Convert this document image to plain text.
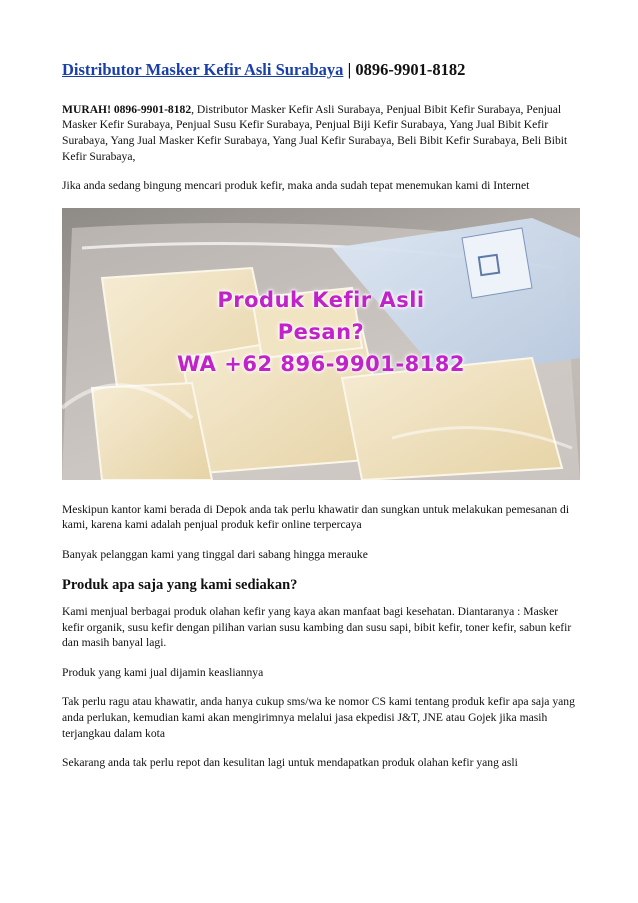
Distributor Masker Kefir Asli Surabaya | 0896-9901-8182

MURAH! 0896-9901-8182, Distributor Masker Kefir Asli Surabaya, Penjual Bibit Kefir Surabaya, Penjual Masker Kefir Surabaya, Penjual Susu Kefir Surabaya, Penjual Biji Kefir Surabaya, Yang Jual Bibit Kefir Surabaya, Yang Jual Masker Kefir Surabaya, Yang Jual Kefir Surabaya, Beli Bibit Kefir Surabaya, Beli Bibit Kefir Surabaya,

Jika anda sedang bingung mencari produk kefir, maka anda sudah tepat menemukan kami di Internet

Produk Kefir Asli
Pesan?
WA +62 896-9901-8182

Meskipun kantor kami berada di Depok anda tak perlu khawatir dan sungkan untuk melakukan pemesanan di kami, karena kami adalah penjual produk kefir online terpercaya

Banyak pelanggan kami yang tinggal dari sabang hingga merauke

Produk apa saja yang kami sediakan?

Kami menjual berbagai produk olahan kefir yang kaya akan manfaat bagi kesehatan. Diantaranya : Masker kefir organik, susu kefir dengan pilihan varian susu kambing dan susu sapi, bibit kefir, toner kefir, sabun kefir dan masih banyal lagi.

Produk yang kami jual dijamin keasliannya

Tak perlu ragu atau khawatir, anda hanya cukup sms/wa ke nomor CS kami tentang produk kefir apa saja yang anda perlukan, kemudian kami akan mengirimnya melalui jasa ekpedisi J&T, JNE atau Gojek jika masih terjangkau dalam kota

Sekarang anda tak perlu repot dan kesulitan lagi untuk mendapatkan produk olahan kefir yang asli
